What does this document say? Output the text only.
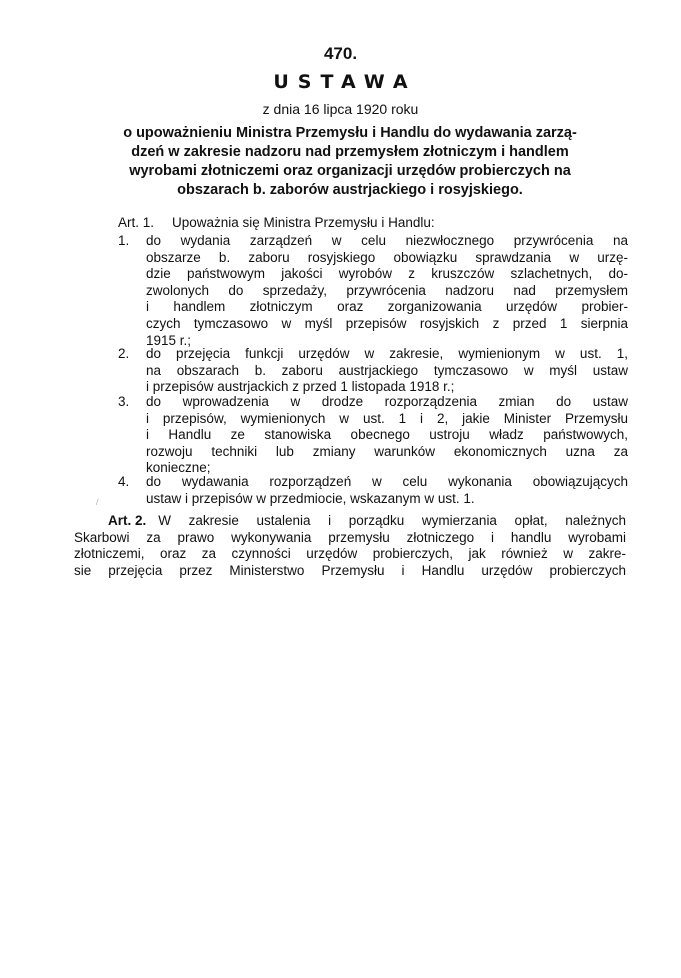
470.
USTAWA
z dnia 16 lipca 1920 roku
o upoważnieniu Ministra Przemysłu i Handlu do wydawania zarzą-
dzeń w zakresie nadzoru nad przemysłem złotniczym i handlem
wyrobami złotniczemi oraz organizacji urzędów probierczych na
obszarach b. zaborów austrjackiego i rosyjskiego.
Art. 1. Upoważnia się Ministra Przemysłu i Handlu:
1.	do wydania zarządzeń w celu niezwłocznego przywrócenia na
obszarze b. zaboru rosyjskiego obowiązku sprawdzania w urzę-
dzie państwowym jakości wyrobów z kruszczów szlachetnych, do-
zwolonych do sprzedaży, przywrócenia nadzoru nad przemysłem
i handlem złotniczym oraz zorganizowania urzędów probier-
czych tymczasowo w myśl przepisów rosyjskich z przed 1 sierpnia
1915 r.;
2.	do przejęcia funkcji urzędów w zakresie, wymienionym w ust. 1,
na obszarach b. zaboru austrjackiego tymczasowo w myśl ustaw
i przepisów austrjackich z przed 1 listopada 1918 r.;
3.	do wprowadzenia w drodze rozporządzenia zmian do ustaw
i przepisów, wymienionych w ust. 1 i 2, jakie Minister Przemysłu
i Handlu ze stanowiska obecnego ustroju władz państwowych,
rozwoju techniki lub zmiany warunków ekonomicznych uzna za
konieczne;
4.	do wydawania rozporządzeń w celu wykonania obowiązujących
ustaw i przepisów w przedmiocie, wskazanym w ust. 1.
/
Art. 2. W zakresie ustalenia i porządku wymierzania opłat, należnych
Skarbowi za prawo wykonywania przemysłu złotniczego i handlu wyrobami
złotniczemi, oraz za czynności urzędów probierczych, jak również w zakre-
sie przejęcia przez Ministerstwo Przemysłu i Handlu urzędów probierczych
